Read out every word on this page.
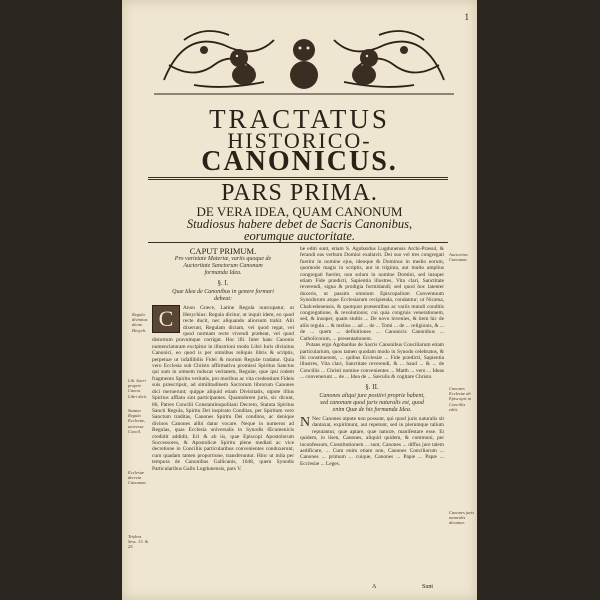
1
TRACTATUS
HISTORICO-
CANONICUS.
PARS PRIMA.
DE VERA IDEA, QUAM CANONUM
Studiosus habere debet de Sacris Canonibus,
eorumque auctoritate.
CAPUT PRIMUM.
Pro varietate Materiæ, variis quoque de
Auctoritate Sanctorum Canonum
formanda Idea.
§. I.
Quæ Idea de Canonibus in genere formari
debeat:

C	Anon Græce, Latine Regula nuncupatur, ut Hesychius: Regula dicitur, ut inquit idem, eo quod recte ducit, nec aliquando aliorsum trahit. Alii dixerunt, Regulam dictam, vel quod regat, vel quod normam recte vivendi præbeat, vel quod distortum pravumque corrigat. Hoc illi. Inter hanc Canonis nomenclaturam excipitur in illustrioni modo Libri Iuris divinitus Canonici, eo quod is per omnibus reliquis libris & scriptis, perpetuæ ut infallibilis Fidei & morum Regulæ tradatur. Quia vero Ecclesia sub Christo affirmativa promissi Spiritus Sanctus qui sum in omnem inducat veritatem, Regulæ, quæ ipsi rodem fragmento Spiritu veritatis, pro moribus ac vita credentium Fideis suis præscripsit, ad similitudinem Sacrorum librorum Canones dici meruerunt; quippe aliquid etiam Divinitatis, utpote illius Spiritus afflatu sint participantes. Quamobrem juris, sic dicunt, 86, Patres Concilii Constantinopolitani Decreto, Statuta Spiritus Sancti Regula, Spiritu Dei inspirato Conditas, per Spiritum vero Sanctum traditas, Canones Spiritu Dei conditos, ac denique divinos Canones alibi datur vocare. Neque in numeros ad Regulas, quas Ecclesia universalis in Synodis Œcumenicis credidit addidit, Ecl & ab iis, quæ Episcopi Apostolorum Successores, & Apostolicæ Spiritu plene mediati ac vice decretione in Conciliis particularibus convenientes conduxerunt, cum quadam tamen proportione, transferuntur. Hinc ut mila per tempora de Canonibus Gallicanis, 1648, quem Synodis Particularibus Gallo Lugdunensis, pars V.

he editi sunt, etiam S. Agobardus Lugdunensis Archi-Præsul, & ferandi eas verbum Domini exaltavit. Dei suo vel tres congregati fuerint in nomine ejus, ideoque & Dominus in medio eorum, quomodo magis in scriptis, aut in triginta, aut multo amplius congregati fuerint, non solum in nomine Domini, sed insuper etiam Fide prædicti, Sapientia illustres, Vita clari, Sanctitate reverendi, signa & prodigia formidandi; sed quod hoc latenter duxeris, ut passim omnium Episcopalium Conventuum Synodorum atque Ecclesiarum recipienda, condantur; ut Nicæna, Chalcedonensis, & quotquot præsentibus ac variis mundi conditis congregatione, & revolutionis; cui quia congruis venerationem, sed, & insuper, quam stultis ... De novo invenies, & item hic de aliis regula ... & melius ... ad ... de ... Tomi ... de ... religionis, & ... de ... quem ... definitiones ... Canonicis Canonibus ... Catholicorum, ... presentationem.

Putans ergo Agobardus de Sacris Canonibus Conciliarum etiam particularium, quos tamen quodam modo in Synodo celebratos, & ibi constituerent, ... quibus Ecclesiæ ... Fide prædicti, Sapientia illustres, Vita clari, Sanctitate reverendi, & ... haud ... & ... de Conciliis ... Christi nomine convenientes ... Matth ... vero ... Ideas ... convenerunt ... de ... Idea de ... Sæculis & cogitare Christo.

§. II.
Canones aliqui jure positivi proprie habent,
sed canonum quod juris naturalis est, quod
enim Quæ de his formanda Idea.

N Nec Canones utpote non possunt, qui quod juris naturalis sit dantaxat, expirimunt, aut repetunt, sed in plerumque talium reputantur, quæ aptare, quæ naturæ, manifestare esse. Et quidem, in lisen, Canones, aliquid quidem, & communi, per inconfessum, Constitutionem ... sunt, Canones ... diffus jure talem aedificare, ... Cum enim etiam non, Canones Conciliorum ... Canones ... primum ... cuique, Canones ... Papæ ... Papæ ... Ecclesiæ ... Leges.

A	Sunt
Regula divinitus dictæ. Hesych.
Lib. Sacri proprie Canon. Libri dicti.
Statuta Regula Ecclesiæ, universa Concil.
Ecclesiæ decreta Canonum.
Trident. Sess. 13. & 25.
Auctoritas Canonum.
Canones Ecclesiæ ab Episcopis in Conciliis editi.
Canones juris naturalis dicuntur.
